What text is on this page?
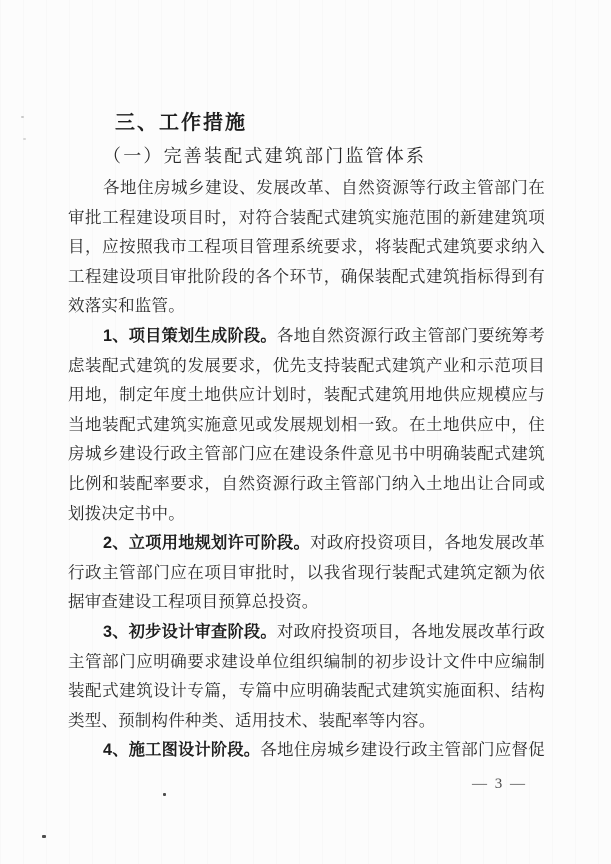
三、工作措施
（一）完善装配式建筑部门监管体系
各地住房城乡建设、发展改革、自然资源等行政主管部门在
审批工程建设项目时，对符合装配式建筑实施范围的新建建筑项
目，应按照我市工程项目管理系统要求，将装配式建筑要求纳入
工程建设项目审批阶段的各个环节，确保装配式建筑指标得到有
效落实和监管。
1、项目策划生成阶段。各地自然资源行政主管部门要统筹考
虑装配式建筑的发展要求，优先支持装配式建筑产业和示范项目
用地，制定年度土地供应计划时，装配式建筑用地供应规模应与
当地装配式建筑实施意见或发展规划相一致。在土地供应中，住
房城乡建设行政主管部门应在建设条件意见书中明确装配式建筑
比例和装配率要求，自然资源行政主管部门纳入土地出让合同或
划拨决定书中。
2、立项用地规划许可阶段。对政府投资项目，各地发展改革
行政主管部门应在项目审批时，以我省现行装配式建筑定额为依
据审查建设工程项目预算总投资。
3、初步设计审查阶段。对政府投资项目，各地发展改革行政
主管部门应明确要求建设单位组织编制的初步设计文件中应编制
装配式建筑设计专篇，专篇中应明确装配式建筑实施面积、结构
类型、预制构件种类、适用技术、装配率等内容。
4、施工图设计阶段。各地住房城乡建设行政主管部门应督促
— 3 —
